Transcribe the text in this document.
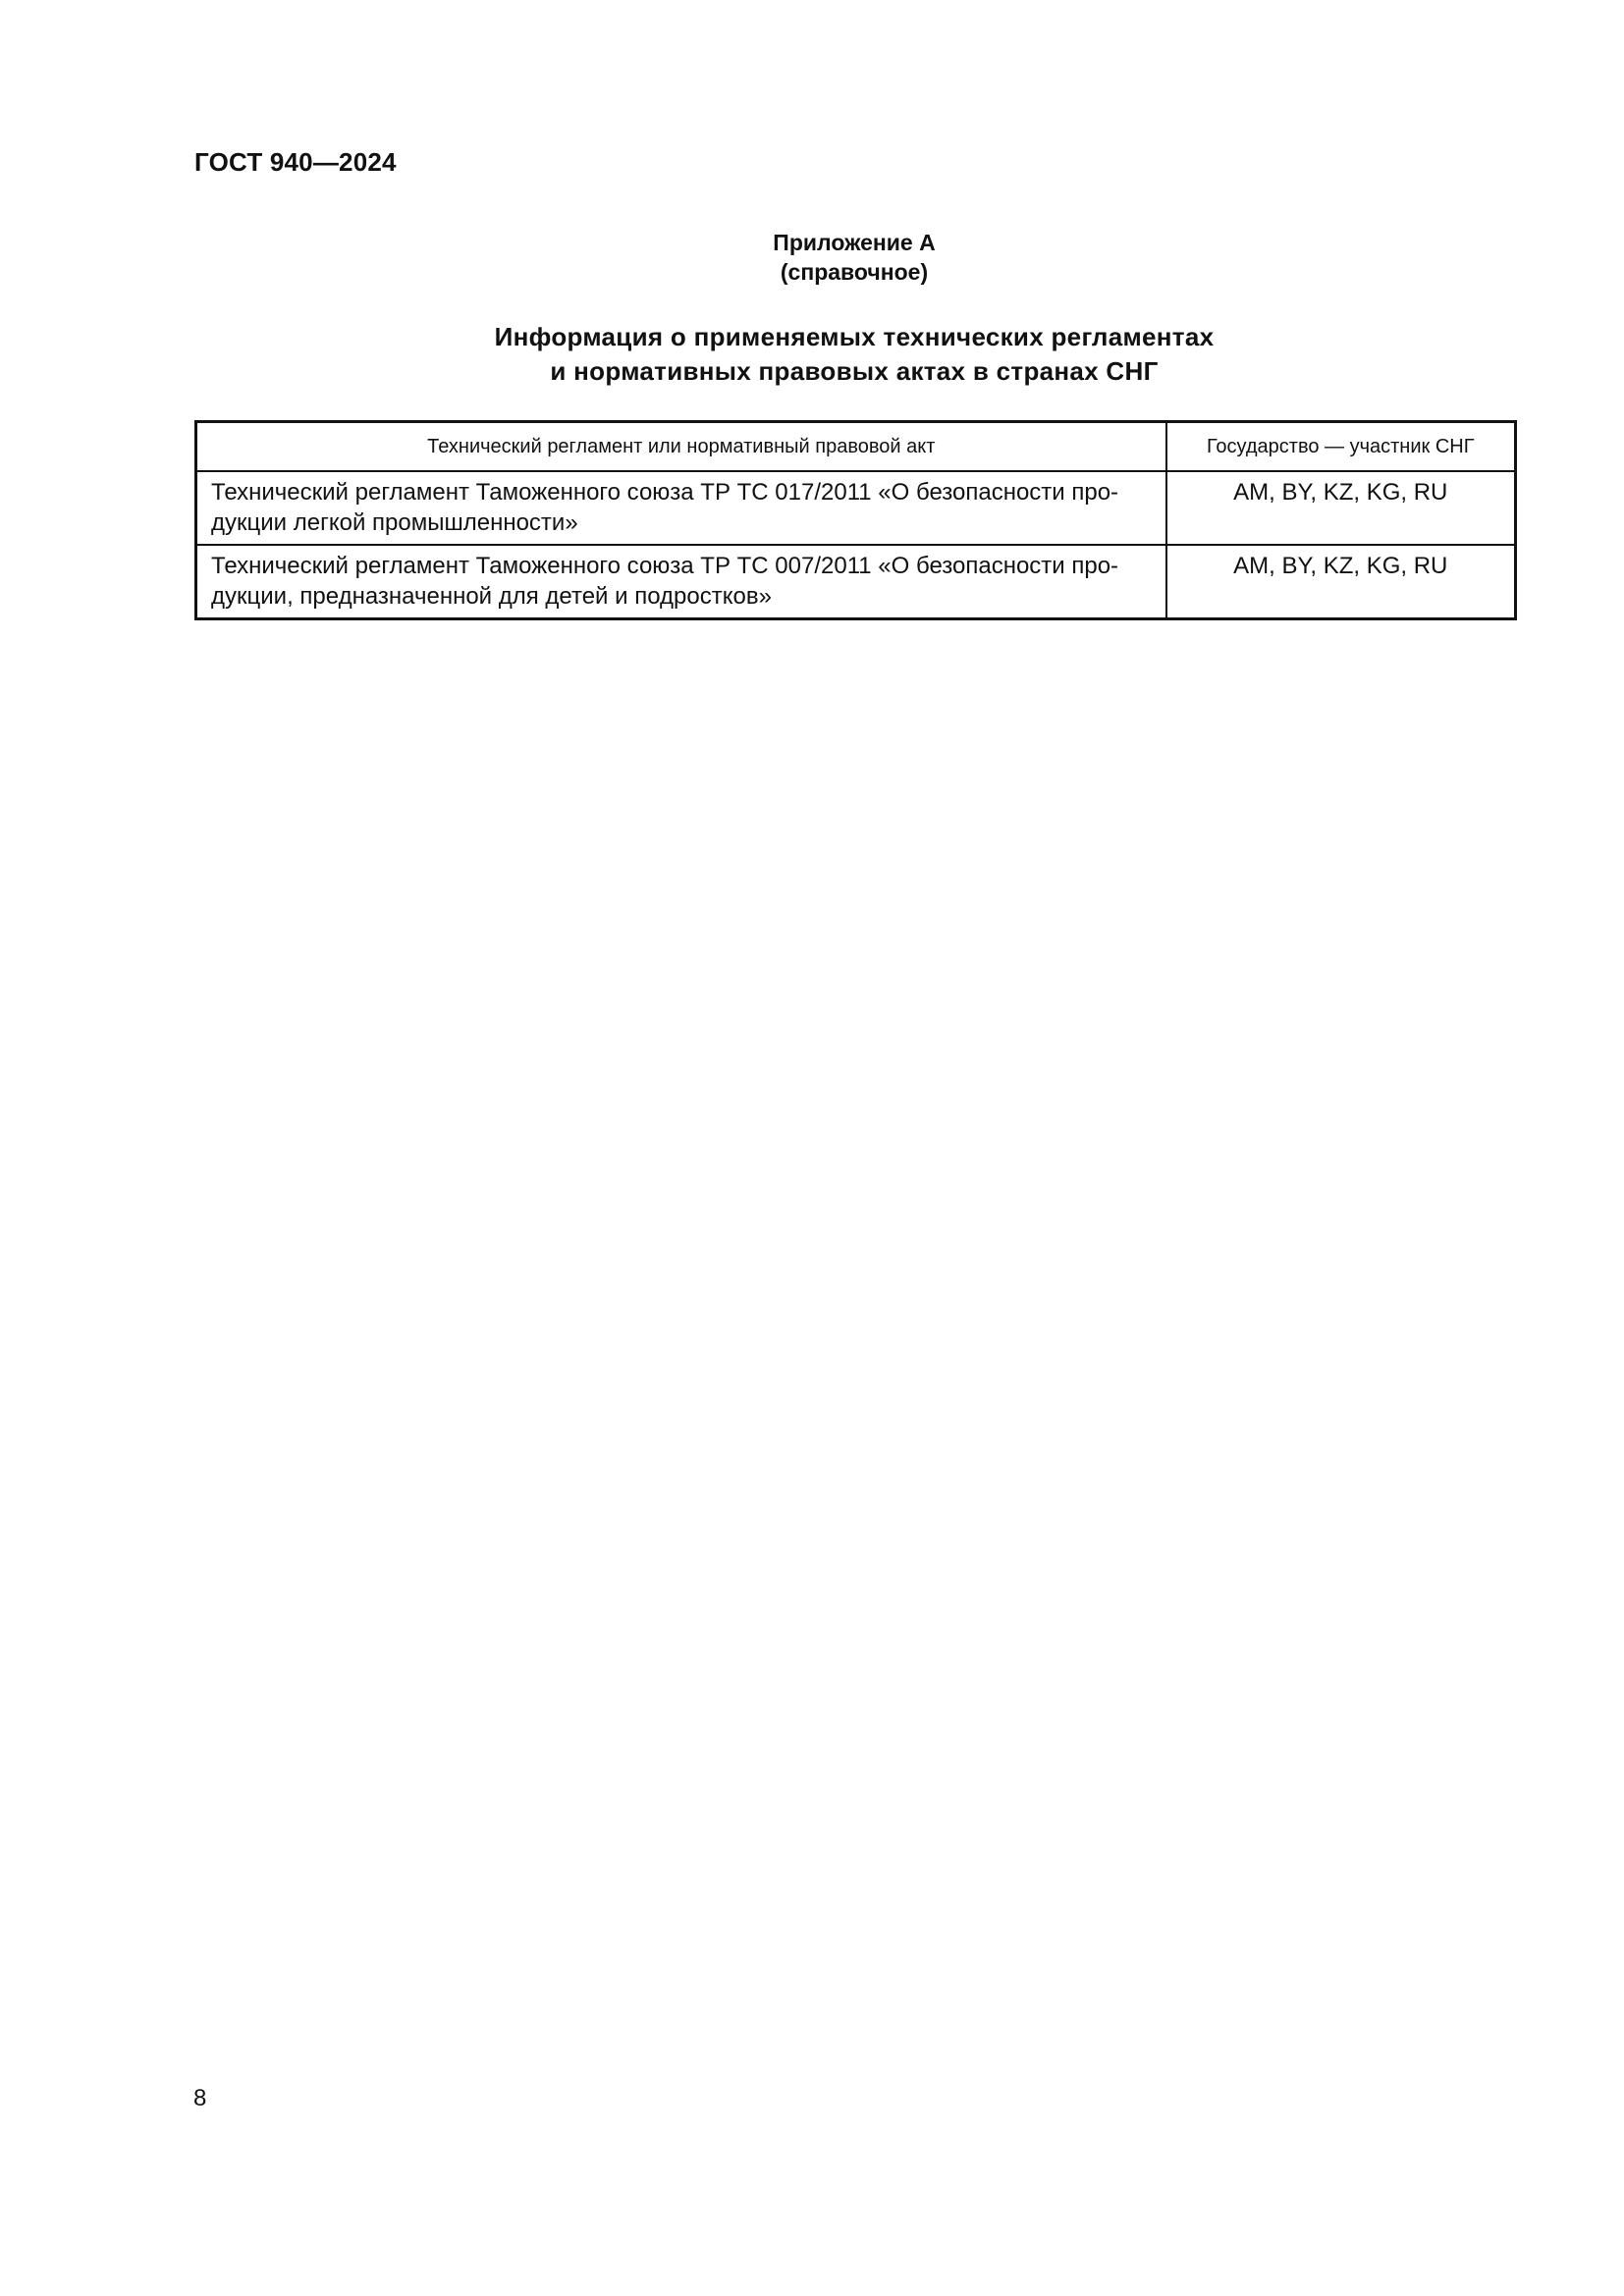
ГОСТ 940—2024
Приложение А
(справочное)
Информация о применяемых технических регламентах
и нормативных правовых актах в странах СНГ
Технический регламент или нормативный правовой акт	Государство — участник СНГ

Технический регламент Таможенного союза ТР ТС 017/2011 «О безопасности про-
дукции легкой промышленности»	AM, BY, KZ, KG, RU

Технический регламент Таможенного союза ТР ТС 007/2011 «О безопасности про-
дукции, предназначенной для детей и подростков»	AM, BY, KZ, KG, RU
8
